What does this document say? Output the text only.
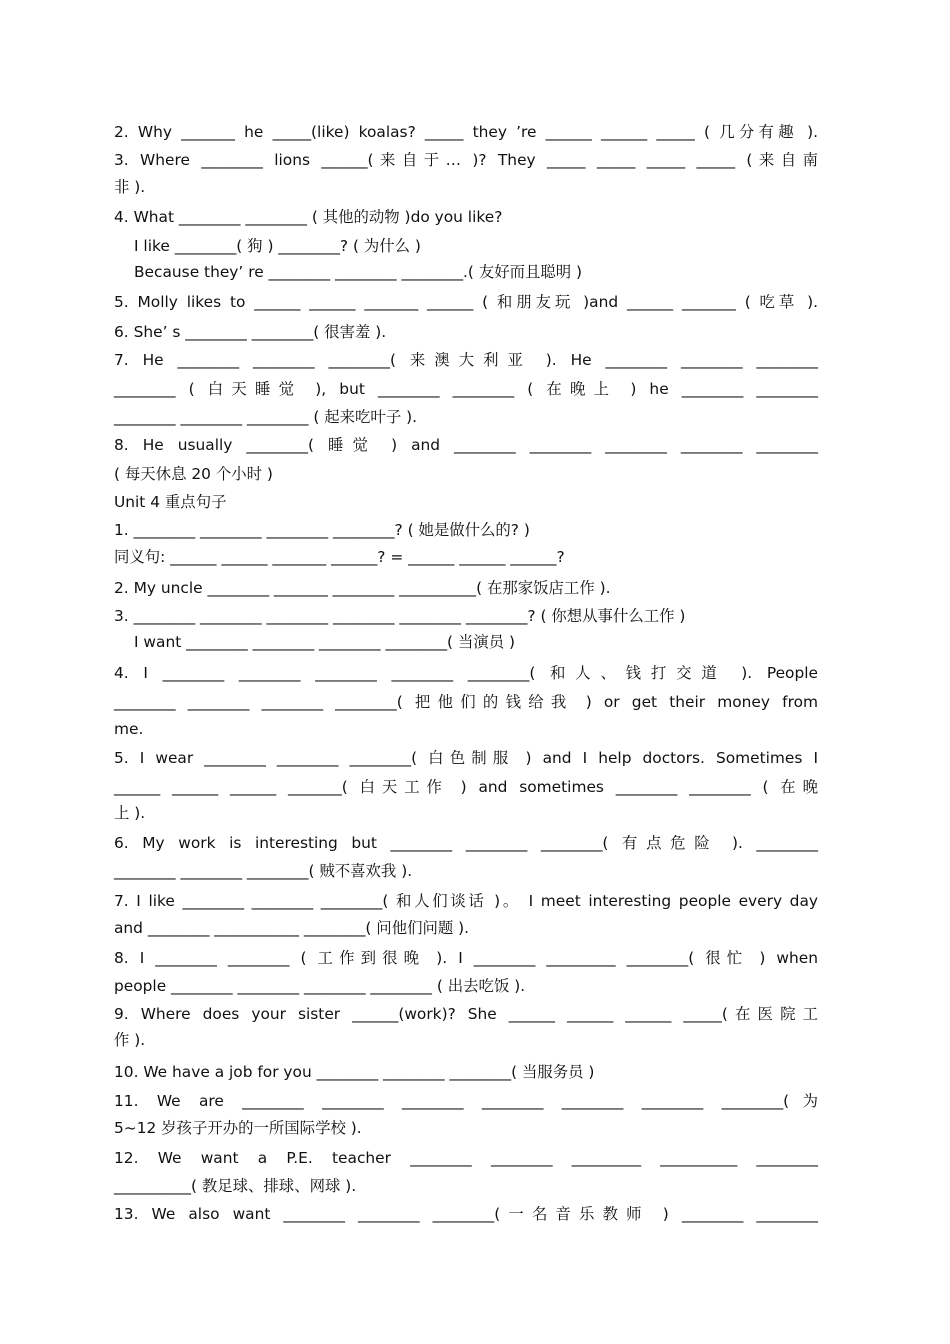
2. Why _______ he _____(like) koalas? _____ they ’re ______ ______ _____ ( 几分有趣 ).
3. Where ________ lions ______(来自于… )? They _____ _____ _____ _____ (来自南
非 ).
4. What ________ ________ ( 其他的动物 )do you like?
I like ________( 狗 ) ________? ( 为什么 )
Because they’ re ________ ________ ________.( 友好而且聪明 )
5. Molly likes to ______ ______ _______ ______ ( 和朋友玩 )and ______ _______ ( 吃草 ).
6. She’ s ________ ________( 很害羞 ).
7. He ________ ________ ________( 来澳大利亚 ). He ________ ________ ________
________ ( 白天睡觉 ), but ________ ________ ( 在晚上 ) he ________ ________
________ ________ ________ ( 起来吃叶子 ).
8. He usually ________( 睡觉 ) and ________ ________ ________ ________ ________
( 每天休息 20 个小时 )
Unit 4 重点句子
1. ________ ________ ________ ________? ( 她是做什么的? )
同义句: ______ ______ _______ ______? = ______ ______ ______?
2. My uncle ________ _______ ________ __________( 在那家饭店工作 ).
3. ________ ________ ________ ________ ________ ________? ( 你想从事什么工作 )
I want ________ ________ ________ ________( 当演员 )
4. I ________ ________ ________ ________ ________( 和人、钱打交道 ). People
________ ________ ________ ________( 把他们的钱给我 ) or get their money from
me.
5. I wear ________ ________ ________( 白色制服 ) and I help doctors. Sometimes I
______ ______ ______ _______( 白天工作 ) and sometimes ________ ________ ( 在晚
上 ).
6. My work is interesting but ________ ________ ________( 有点危险 ). ________
________ ________ ________( 贼不喜欢我 ).
7. I like ________ ________ ________( 和人们谈话 )。 I meet interesting people every day
and ________ ___________ ________( 问他们问题 ).
8. I ________ ________ ( 工作到很晚 ). I ________ _________ ________( 很忙 ) when
people ________ ________ ________ ________ ( 出去吃饭 ).
9. Where does your sister ______(work)? She ______ ______ ______ _____(在医院工
作 ).
10. We have a job for you ________ ________ ________( 当服务员 )
11. We are ________ ________ ________ ________ ________ ________ ________(为
5~12 岁孩子开办的一所国际学校 ).
12. We want a P.E. teacher ________ ________ _________ __________ ________
__________( 教足球、排球、网球 ).
13. We also want ________ ________ ________(一名音乐教师 ) ________ ________
